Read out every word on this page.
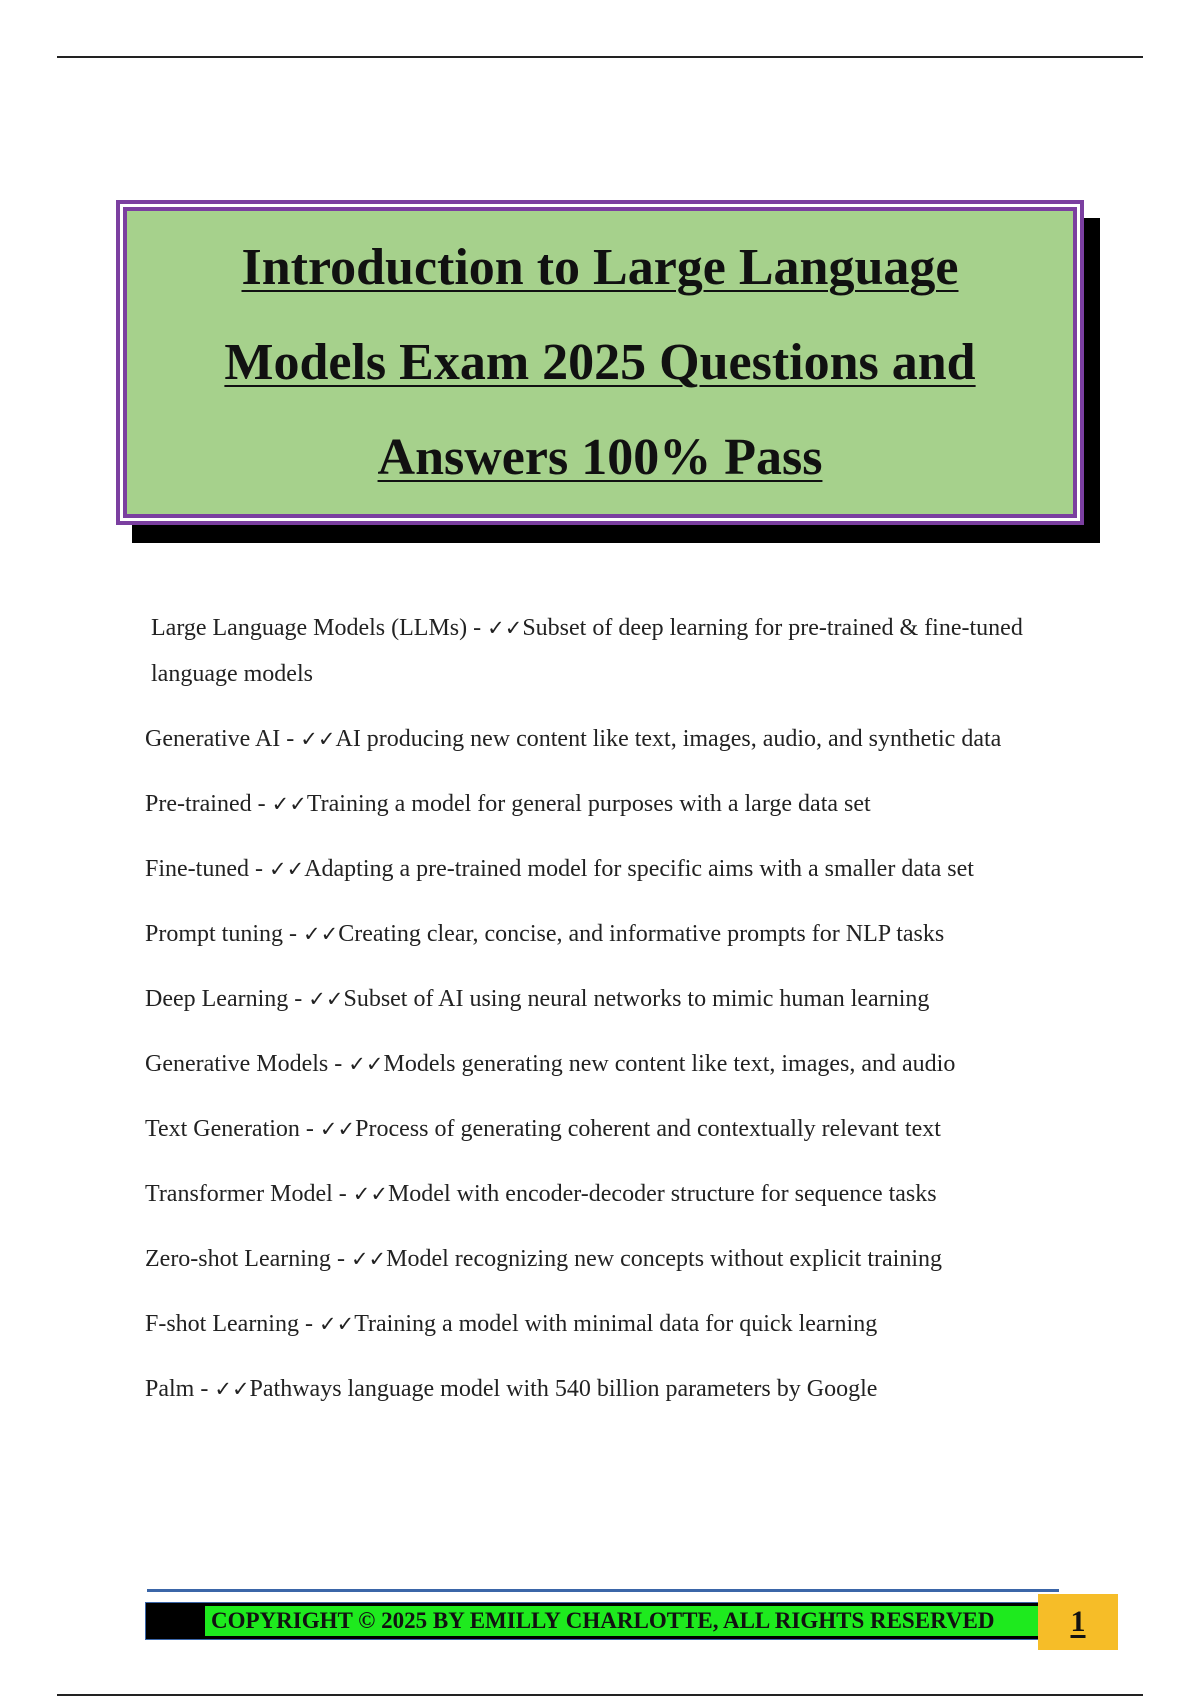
Introduction to Large Language Models Exam 2025 Questions and Answers 100% Pass

Large Language Models (LLMs) - ✓✓Subset of deep learning for pre-trained & fine-tuned language models
Generative AI - ✓✓AI producing new content like text, images, audio, and synthetic data
Pre-trained - ✓✓Training a model for general purposes with a large data set
Fine-tuned - ✓✓Adapting a pre-trained model for specific aims with a smaller data set
Prompt tuning - ✓✓Creating clear, concise, and informative prompts for NLP tasks
Deep Learning - ✓✓Subset of AI using neural networks to mimic human learning
Generative Models - ✓✓Models generating new content like text, images, and audio
Text Generation - ✓✓Process of generating coherent and contextually relevant text
Transformer Model - ✓✓Model with encoder-decoder structure for sequence tasks
Zero-shot Learning - ✓✓Model recognizing new concepts without explicit training
F-shot Learning - ✓✓Training a model with minimal data for quick learning
Palm - ✓✓Pathways language model with 540 billion parameters by Google
COPYRIGHT © 2025 BY EMILLY CHARLOTTE, ALL RIGHTS RESERVED	1
